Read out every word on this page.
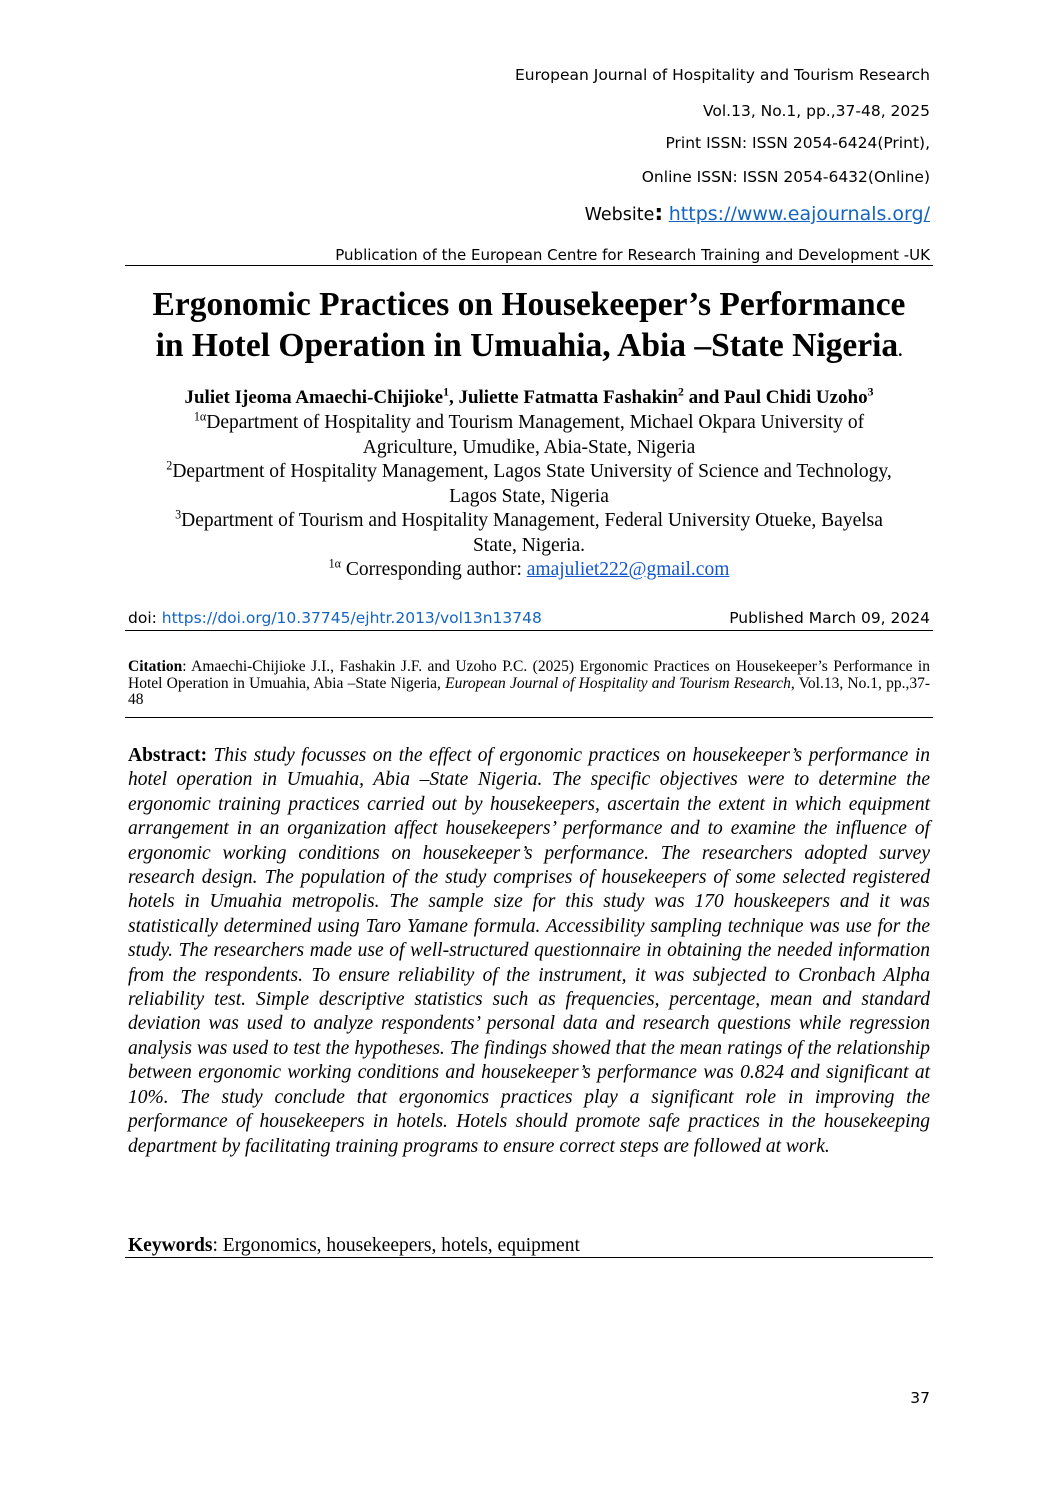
European Journal of Hospitality and Tourism Research
Vol.13, No.1, pp.,37-48, 2025
Print ISSN: ISSN 2054-6424(Print),
Online ISSN: ISSN 2054-6432(Online)
Website: https://www.eajournals.org/
Publication of the European Centre for Research Training and Development -UK
Ergonomic Practices on Housekeeper’s Performance
in Hotel Operation in Umuahia, Abia –State Nigeria.
Juliet Ijeoma Amaechi-Chijioke$^1$, Juliette Fatmatta Fashakin$^2$ and Paul Chidi Uzoho$^3$
$^{1\alpha}$Department of Hospitality and Tourism Management, Michael Okpara University of
Agriculture, Umudike, Abia-State, Nigeria
$^2$Department of Hospitality Management, Lagos State University of Science and Technology,
Lagos State, Nigeria
$^3$Department of Tourism and Hospitality Management, Federal University Otueke, Bayelsa
State, Nigeria.
$^{1\alpha}$ Corresponding author: amajuliet222@gmail.com
doi: https://doi.org/10.37745/ejhtr.2013/vol13n13748	Published March 09, 2024
Citation: Amaechi-Chijioke J.I., Fashakin J.F. and Uzoho P.C. (2025) Ergonomic Practices on Housekeeper’s Performance in Hotel Operation in Umuahia, Abia –State Nigeria, European Journal of Hospitality and Tourism Research, Vol.13, No.1, pp.,37-48
Abstract: This study focusses on the effect of ergonomic practices on housekeeper’s performance in hotel operation in Umuahia, Abia –State Nigeria. The specific objectives were to determine the ergonomic training practices carried out by housekeepers, ascertain the extent in which equipment arrangement in an organization affect housekeepers’ performance and to examine the influence of ergonomic working conditions on housekeeper’s performance. The researchers adopted survey research design. The population of the study comprises of housekeepers of some selected registered hotels in Umuahia metropolis. The sample size for this study was 170 houskeepers and it was statistically determined using Taro Yamane formula. Accessibility sampling technique was use for the study. The researchers made use of well-structured questionnaire in obtaining the needed information from the respondents. To ensure reliability of the instrument, it was subjected to Cronbach Alpha reliability test. Simple descriptive statistics such as frequencies, percentage, mean and standard deviation was used to analyze respondents’ personal data and research questions while regression analysis was used to test the hypotheses. The findings showed that the mean ratings of the relationship between ergonomic working conditions and housekeeper’s performance was 0.824 and significant at 10%. The study conclude that ergonomics practices play a significant role in improving the performance of housekeepers in hotels. Hotels should promote safe practices in the housekeeping department by facilitating training programs to ensure correct steps are followed at work.
Keywords: Ergonomics, housekeepers, hotels, equipment
37
